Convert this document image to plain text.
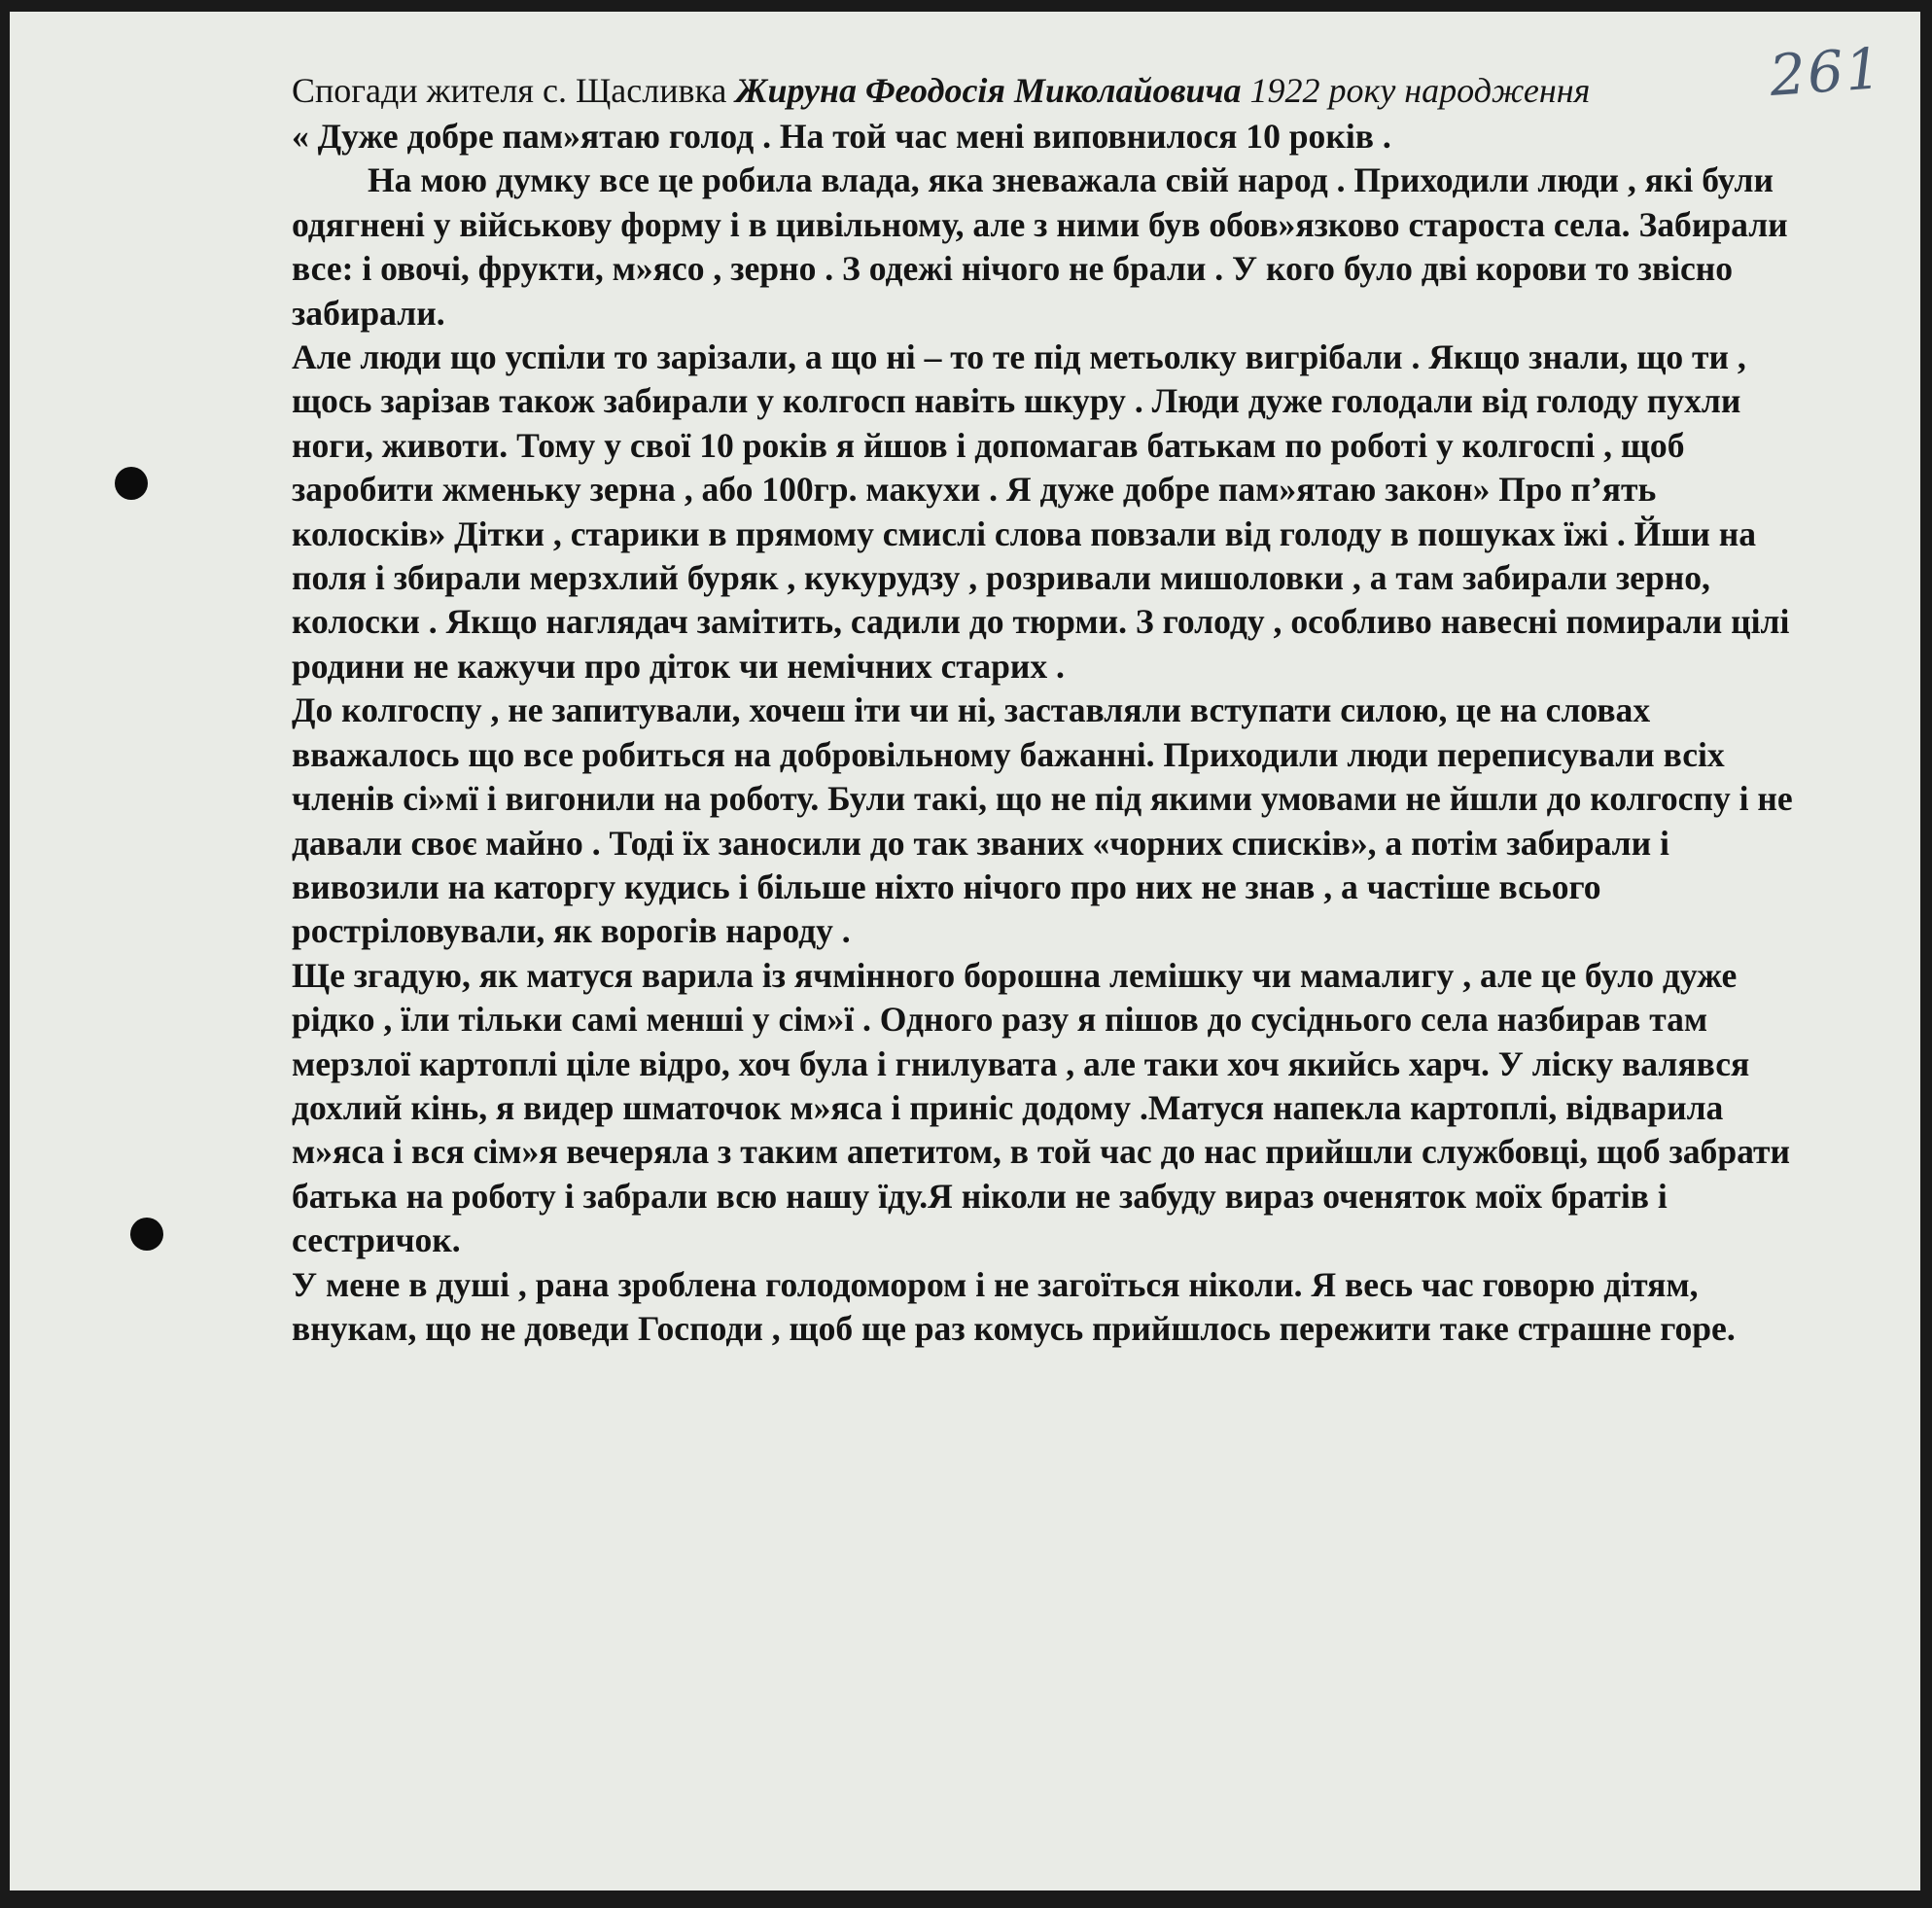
261
Спогади жителя с. Щасливка Жируна Феодосія Миколайовича 1922 року народження

« Дуже добре пам»ятаю голод . На той час мені виповнилося 10 років .

На мою думку все це робила влада, яка зневажала свій народ . Приходили люди , які були одягнені у військову форму і в цивільному, але з ними був обов»язково староста села. Забирали все: і овочі, фрукти, м»ясо , зерно . З одежі нічого не брали . У кого було дві корови то звісно забирали.

Але люди що успіли то зарізали, а що ні – то те під метьолку вигрібали . Якщо знали, що ти , щось зарізав також забирали у колгосп навіть шкуру . Люди дуже голодали від голоду пухли ноги, животи. Тому у свої 10 років я йшов і допомагав батькам по роботі у колгоспі , щоб заробити жменьку зерна , або 100гр. макухи . Я дуже добре пам»ятаю закон» Про п’ять колосків» Дітки , старики в прямому смислі слова повзали від голоду в пошуках їжі . Йши на поля і збирали мерзхлий буряк , кукурудзу , розривали мишоловки , а там забирали зерно, колоски . Якщо наглядач замітить, садили до тюрми. З голоду , особливо навесні помирали цілі родини не кажучи про діток чи немічних старих .

До колгоспу , не запитували, хочеш іти чи ні, заставляли вступати силою, це на словах вважалось що все робиться на добровільному бажанні. Приходили люди переписували всіх членів сі»мї і вигонили на роботу. Були такі, що не під якими умовами не йшли до колгоспу і не давали своє майно . Тоді їх заносили до так званих «чорних списків», а потім забирали і вивозили на каторгу кудись і більше ніхто нічого про них не знав , а частіше всього ростріловували, як ворогів народу .

Ще згадую, як матуся варила із ячмінного борошна лемішку чи мамалигу , але це було дуже рідко , їли тільки самі менші у сім»ї . Одного разу я пішов до сусіднього села назбирав там мерзлої картоплі ціле відро, хоч була і гнилувата , але таки хоч якийсь харч. У ліску валявся дохлий кінь, я видер шматочок м»яса і приніс додому .Матуся напекла картоплі, відварила м»яса і вся сім»я вечеряла з таким апетитом, в той час до нас прийшли службовці, щоб забрати батька на роботу і забрали всю нашу їду.Я ніколи не забуду вираз оченяток моїх братів і сестричок.

У мене в душі , рана зроблена голодомором і не загоїться ніколи. Я весь час говорю дітям, внукам, що не доведи Господи , щоб ще раз комусь прийшлось пережити таке страшне горе.
